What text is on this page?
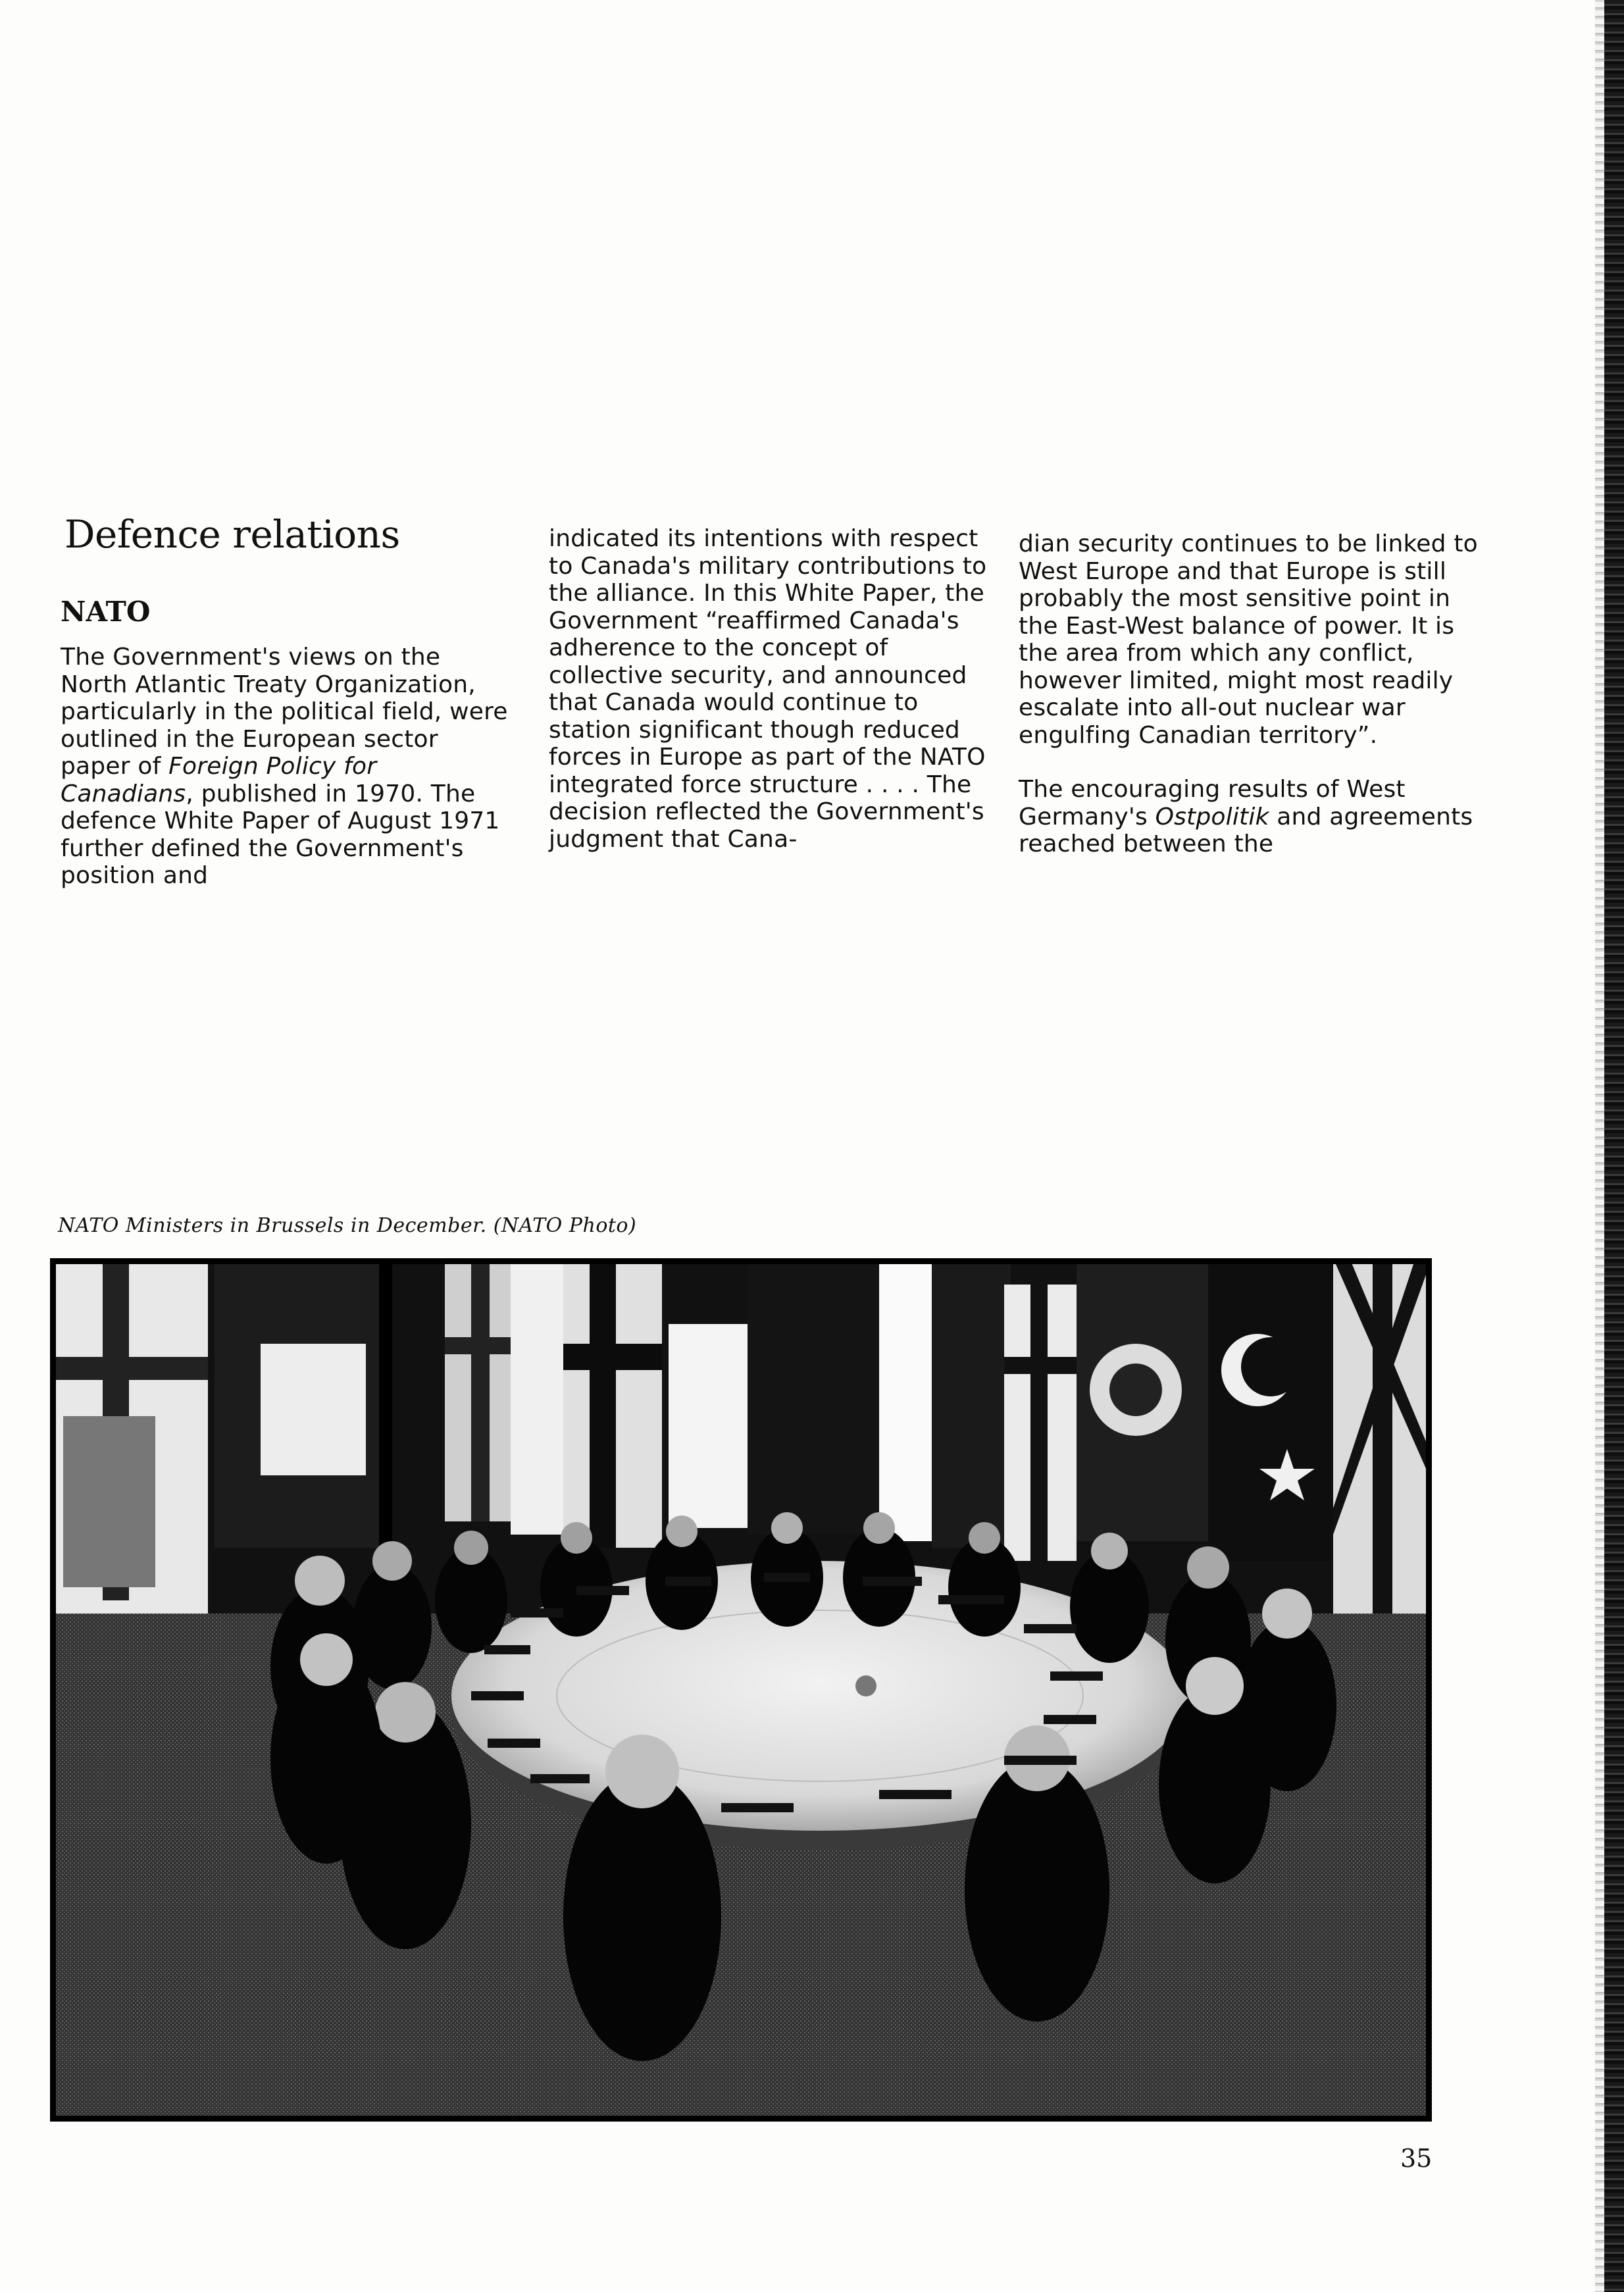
Defence relations
NATO

The Government's views on the North Atlantic Treaty Organization, particularly in the political field, were outlined in the European sector paper of Foreign Policy for Canadians, published in 1970. The defence White Paper of August 1971 further defined the Government's position and

indicated its intentions with respect to Canada's military contributions to the alliance. In this White Paper, the Government “reaffirmed Canada's adherence to the concept of collective security, and announced that Canada would continue to station significant though reduced forces in Europe as part of the NATO integrated force structure . . . . The decision reflected the Government's judgment that Cana-

dian security continues to be linked to West Europe and that Europe is still probably the most sensitive point in the East-West balance of power. It is the area from which any conflict, however limited, might most readily escalate into all-out nuclear war engulfing Canadian territory”.

The encouraging results of West Germany's Ostpolitik and agreements reached between the

NATO Ministers in Brussels in December. (NATO Photo)
35
